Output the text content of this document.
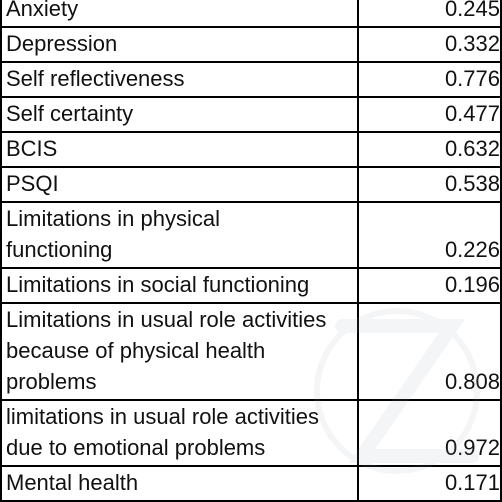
Anxiety	0.245
Depression	0.332
Self reflectiveness	0.776
Self certainty	0.477
BCIS	0.632
PSQI	0.538
Limitations in physical
functioning	0.226
Limitations in social functioning	0.196
Limitations in usual role activities
because of physical health
problems	0.808
limitations in usual role activities
due to emotional problems	0.972
Mental health	0.171
